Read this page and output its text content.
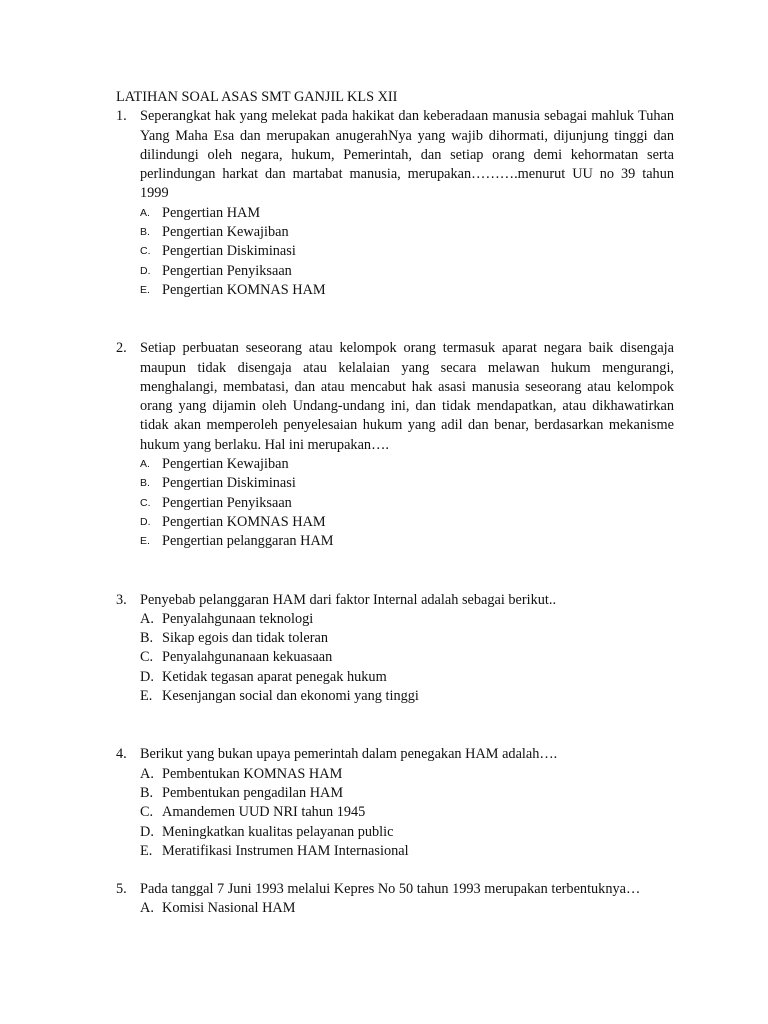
LATIHAN SOAL ASAS SMT GANJIL KLS XII
1. Seperangkat hak yang melekat pada hakikat dan keberadaan manusia sebagai mahluk Tuhan Yang Maha Esa dan merupakan anugerahNya yang wajib dihormati, dijunjung tinggi dan dilindungi oleh negara, hukum, Pemerintah, dan setiap orang demi kehormatan serta perlindungan harkat dan martabat manusia, merupakan……….menurut UU no 39 tahun 1999
A. Pengertian HAM
B. Pengertian Kewajiban
C. Pengertian Diskiminasi
D. Pengertian Penyiksaan
E. Pengertian KOMNAS HAM
2. Setiap perbuatan seseorang atau kelompok orang termasuk aparat negara baik disengaja maupun tidak disengaja atau kelalaian yang secara melawan hukum mengurangi, menghalangi, membatasi, dan atau mencabut hak asasi manusia seseorang atau kelompok orang yang dijamin oleh Undang-undang ini, dan tidak mendapatkan, atau dikhawatirkan tidak akan memperoleh penyelesaian hukum yang adil dan benar, berdasarkan mekanisme hukum yang berlaku. Hal ini merupakan….
A. Pengertian Kewajiban
B. Pengertian Diskiminasi
C. Pengertian Penyiksaan
D. Pengertian KOMNAS HAM
E. Pengertian pelanggaran HAM
3. Penyebab pelanggaran HAM dari faktor Internal adalah sebagai berikut..
A. Penyalahgunaan teknologi
B. Sikap egois dan tidak toleran
C. Penyalahgunanaan kekuasaan
D. Ketidak tegasan aparat penegak hukum
E. Kesenjangan social dan ekonomi yang tinggi
4. Berikut yang bukan upaya pemerintah dalam penegakan HAM adalah….
A. Pembentukan KOMNAS HAM
B. Pembentukan pengadilan HAM
C. Amandemen UUD NRI tahun 1945
D. Meningkatkan kualitas pelayanan public
E. Meratifikasi Instrumen HAM Internasional
5. Pada tanggal 7 Juni 1993 melalui Kepres No 50 tahun 1993 merupakan terbentuknya…
A. Komisi Nasional HAM
